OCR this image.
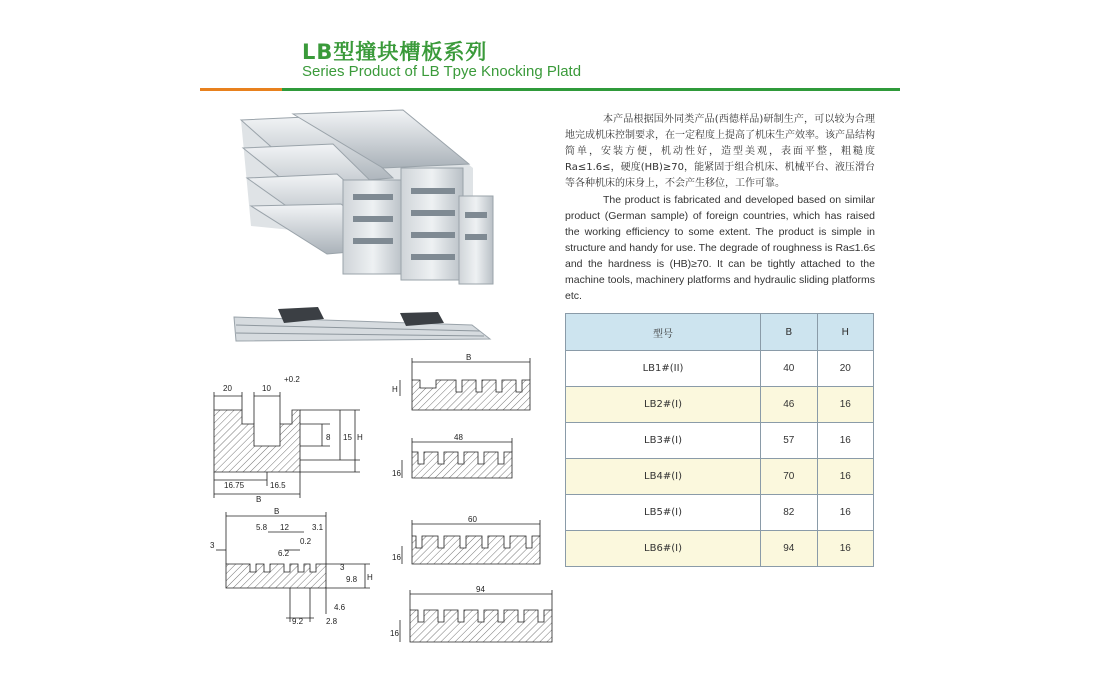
LB型撞块槽板系列
Series Product of LB Tpye Knocking Platd

本产品根据国外同类产品(西德样品)研制生产，可以较为合理地完成机床控制要求，在一定程度上提高了机床生产效率。该产品结构简单，安装方便，机动性好，造型美观，表面平整，粗糙度Ra≤1.6≤，硬度(HB)≥70，能紧固于组合机床、机械平台、液压滑台等各种机床的床身上，不会产生移位，工作可靠。

The product is fabricated and developed based on similar product (German sample) of foreign countries, which has raised the working efficiency to some extent. The product is simple in structure and handy for use. The degrade of roughness is Ra≤1.6≤ and the hardness is (HB)≥70. It can be tightly attached to the machine tools, machinery platforms and hydraulic sliding platforms etc.

型号	B	H
LB1#(II)	40	20
LB2#(I)	46	16
LB3#(I)	57	16
LB4#(I)	70	16
LB5#(I)	82	16
LB6#(I)	94	16
20	10
+0.2
8 15 H
16.75	16.5
B
B
5.8 12	3.1
3
6.2
0.2
3
9.8 H
4.6
9.2	2.8
B
H
48
16
60
16
94
16
